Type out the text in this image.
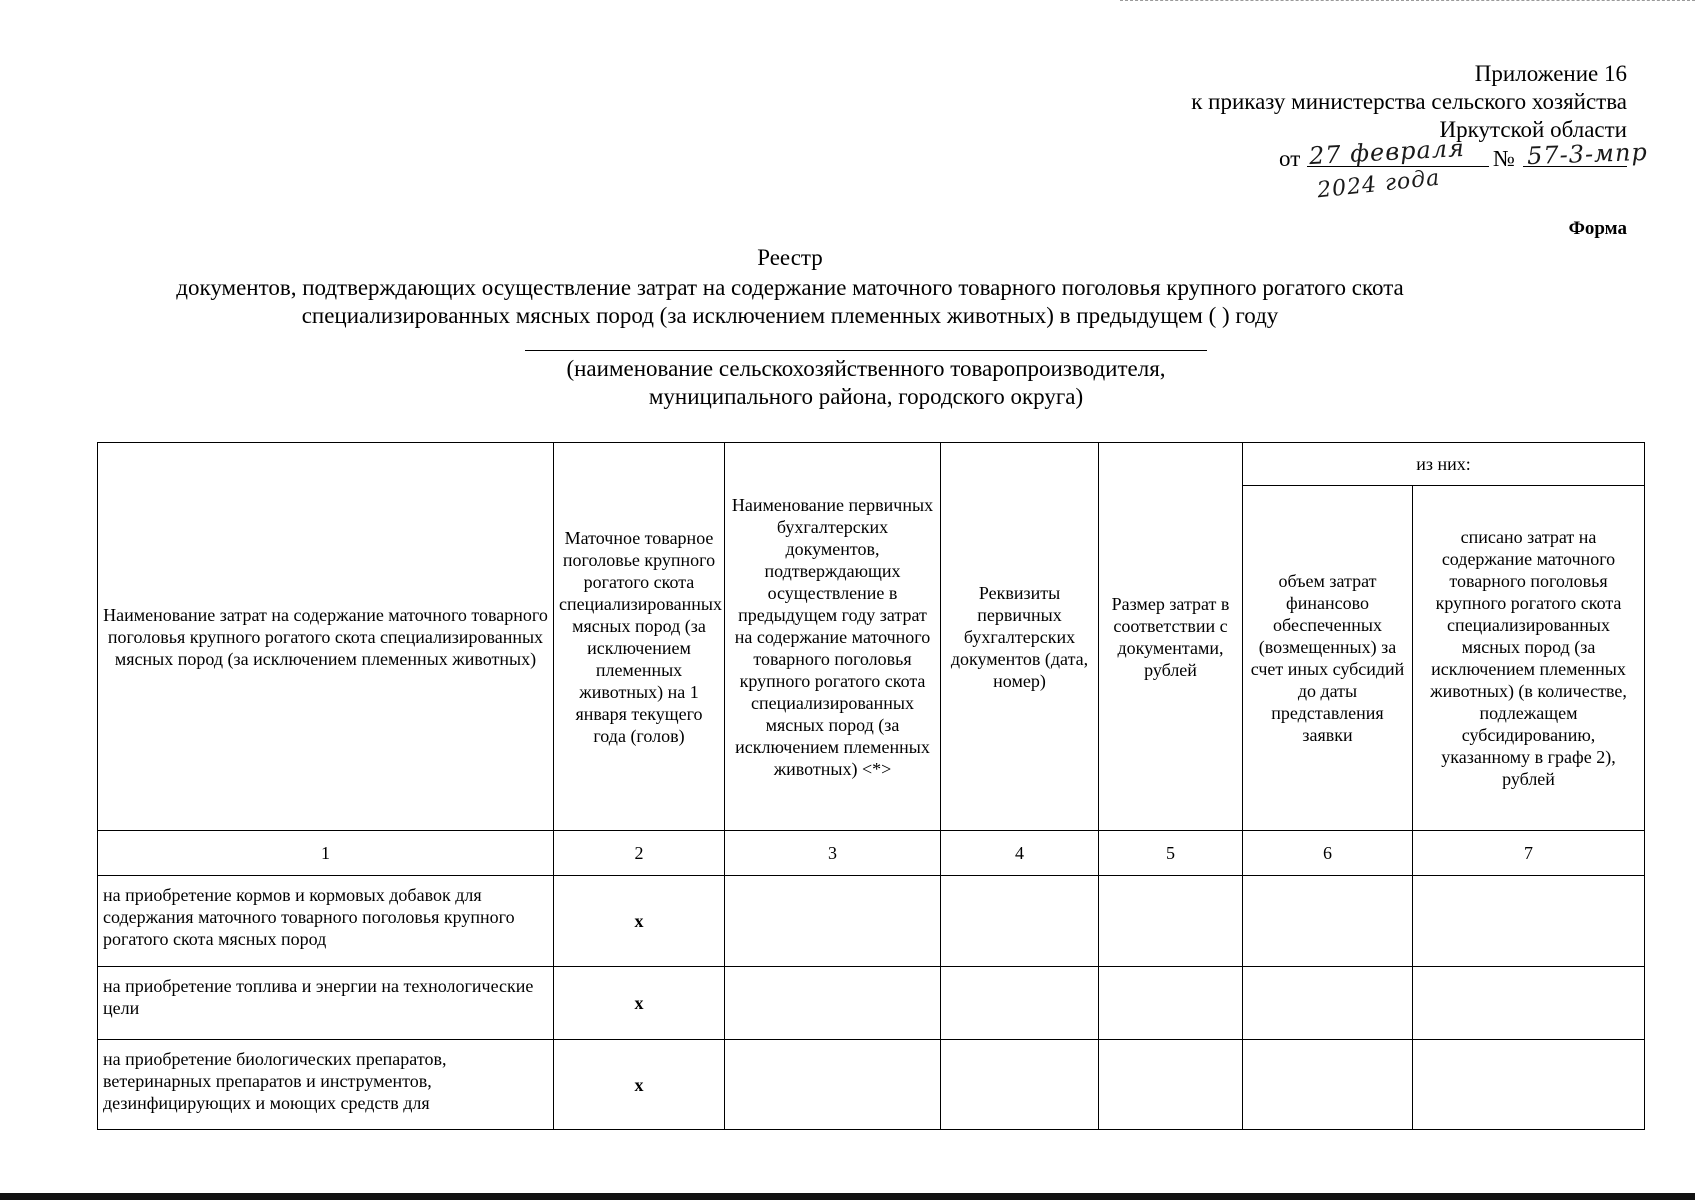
Приложение 16
к приказу министерства сельского хозяйства
Иркутской области
от 27 февраля № 57-3-мпр
2024 года
Форма
Реестр
документов, подтверждающих осуществление затрат на содержание маточного товарного поголовья крупного рогатого скота
специализированных мясных пород (за исключением племенных животных) в предыдущем ( ) году
(наименование сельскохозяйственного товаропроизводителя,
муниципального района, городского округа)
Наименование затрат на содержание маточного товарного поголовья крупного рогатого скота специализированных мясных пород (за исключением племенных животных)	Маточное товарное поголовье крупного рогатого скота специализированных мясных пород (за исключением племенных животных) на 1 января текущего года (голов)	Наименование первичных бухгалтерских документов, подтверждающих осуществление в предыдущем году затрат на содержание маточного товарного поголовья крупного рогатого скота специализированных мясных пород (за исключением племенных животных) <*>	Реквизиты первичных бухгалтерских документов (дата, номер)	Размер затрат в соответствии с документами, рублей	из них:	
					объем затрат финансово обеспеченных (возмещенных) за счет иных субсидий до даты представления заявки	списано затрат на содержание маточного товарного поголовья крупного рогатого скота специализированных мясных пород (за исключением племенных животных) (в количестве, подлежащем субсидированию, указанному в графе 2), рублей
1	2	3	4	5	6	7
на приобретение кормов и кормовых добавок для содержания маточного товарного поголовья крупного рогатого скота мясных пород	x					
на приобретение топлива и энергии на технологические цели	x					
на приобретение биологических препаратов, ветеринарных препаратов и инструментов, дезинфицирующих и моющих средств для	x					
